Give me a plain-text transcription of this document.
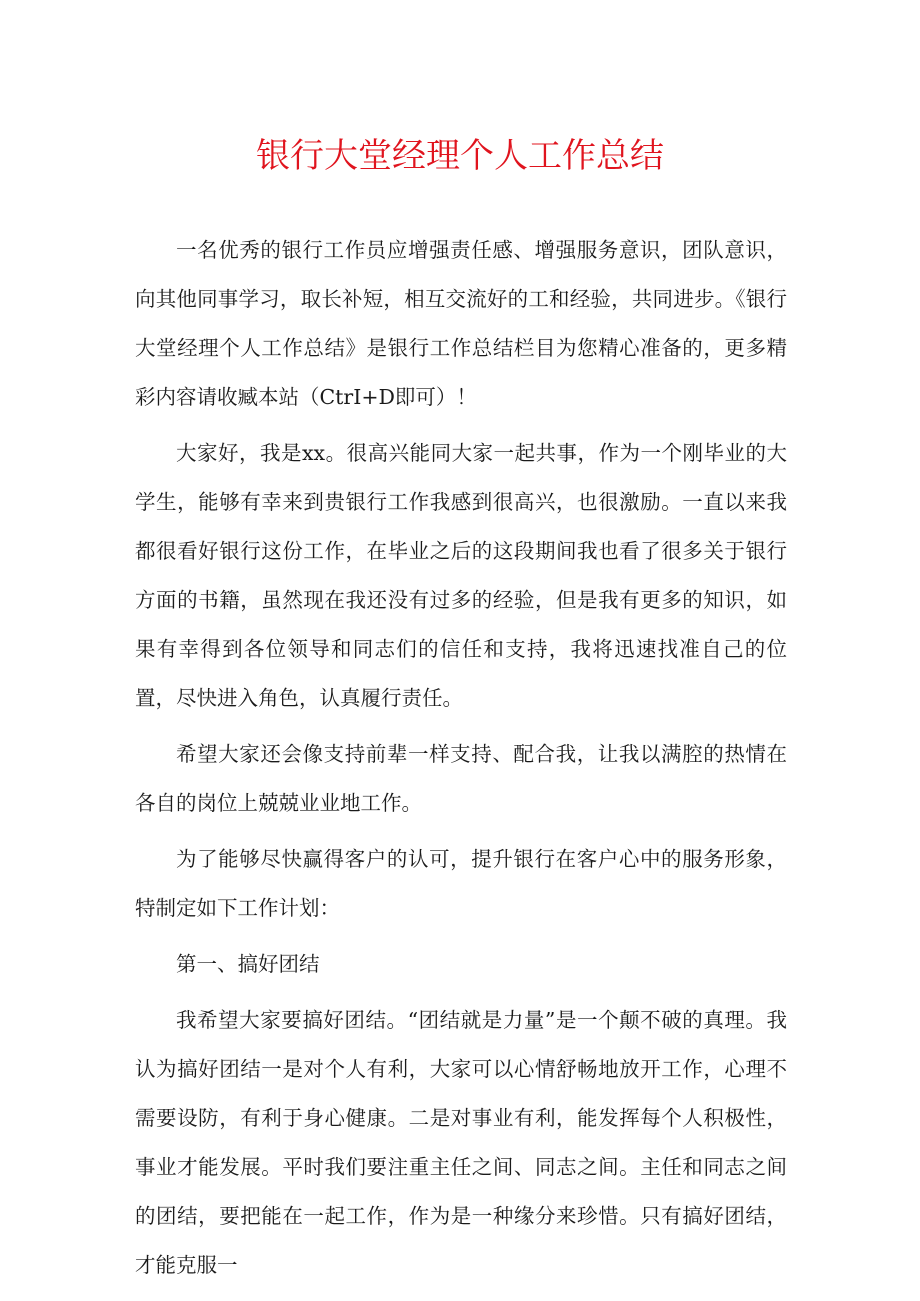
银行大堂经理个人工作总结

一名优秀的银行工作员应增强责任感、增强服务意识，团队意识，向其他同事学习，取长补短，相互交流好的工和经验，共同进步。《银行大堂经理个人工作总结》是银行工作总结栏目为您精心准备的，更多精彩内容请收臧本站（CtrI+D即可）！

大家好，我是xx。很高兴能同大家一起共事，作为一个刚毕业的大学生，能够有幸来到贵银行工作我感到很高兴，也很激励。一直以来我都很看好银行这份工作，在毕业之后的这段期间我也看了很多关于银行方面的书籍，虽然现在我还没有过多的经验，但是我有更多的知识，如果有幸得到各位领导和同志们的信任和支持，我将迅速找准自己的位置，尽快进入角色，认真履行责任。

希望大家还会像支持前辈一样支持、配合我，让我以满腔的热情在各自的岗位上兢兢业业地工作。

为了能够尽快赢得客户的认可，提升银行在客户心中的服务形象，特制定如下工作计划：

第一、搞好团结

我希望大家要搞好团结。“团结就是力量”是一个颠不破的真理。我认为搞好团结一是对个人有利，大家可以心情舒畅地放开工作，心理不需要设防，有利于身心健康。二是对事业有利，能发挥每个人积极性，事业才能发展。平时我们要注重主任之间、同志之间。主任和同志之间的团结，要把能在一起工作，作为是一种缘分来珍惜。只有搞好团结，才能克服一
